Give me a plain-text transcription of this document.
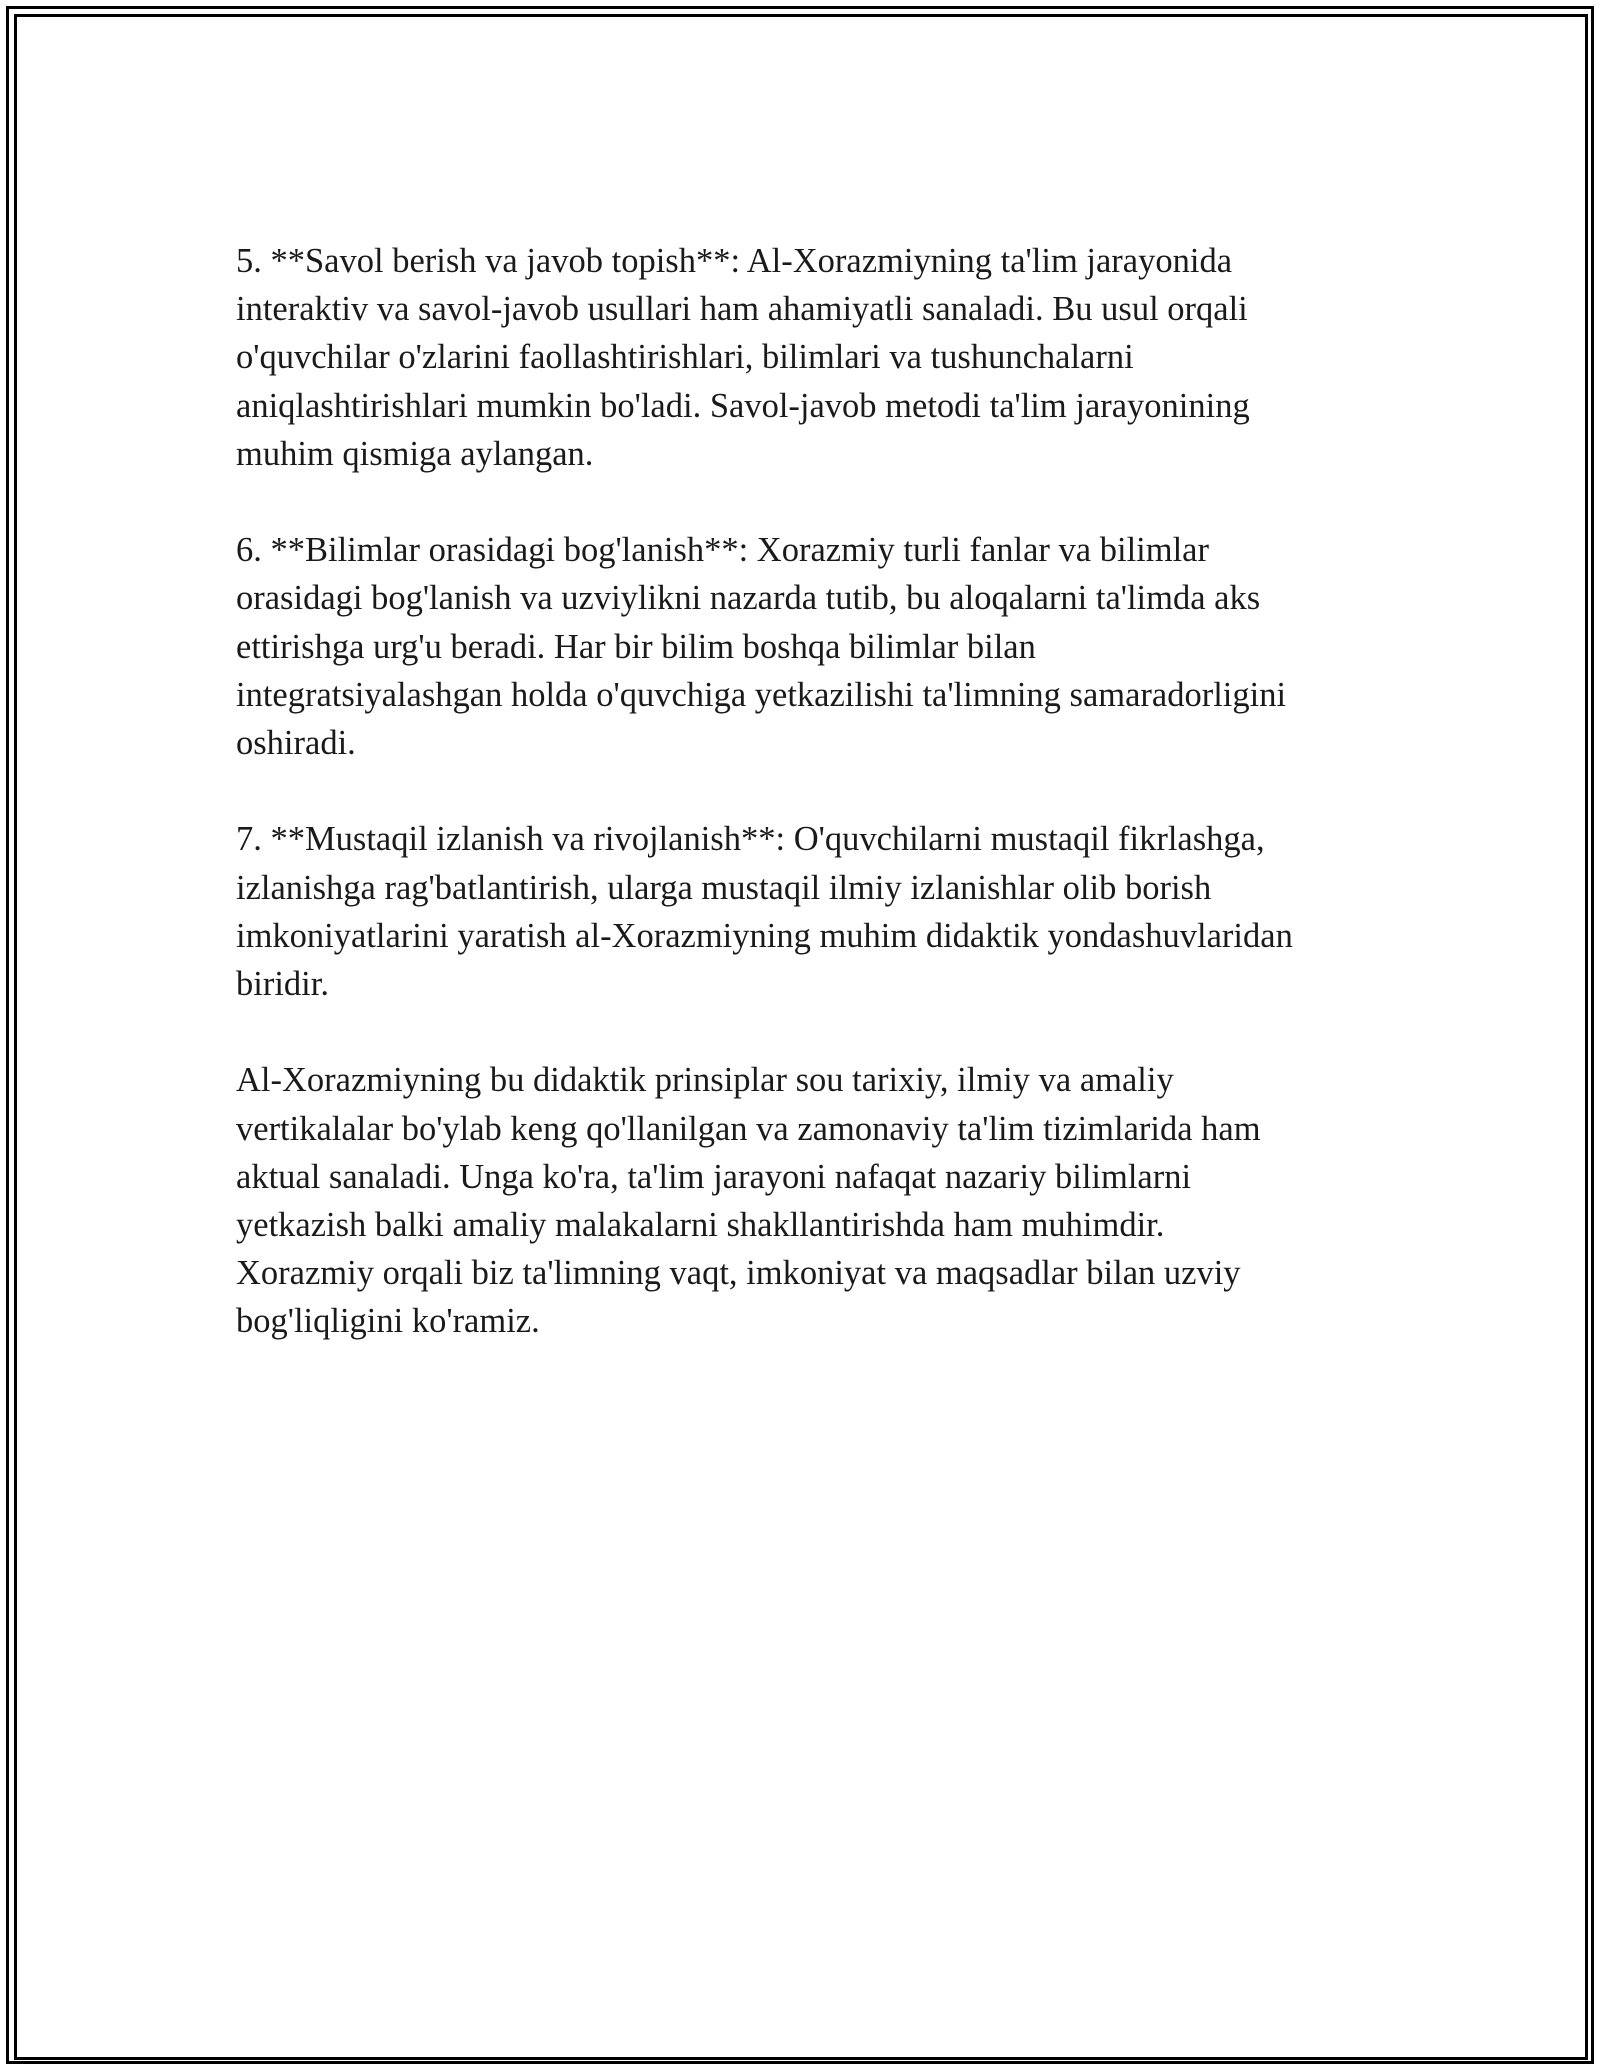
5. **Savol berish va javob topish**: Al-Xorazmiyning ta'lim jarayonida
interaktiv va savol-javob usullari ham ahamiyatli sanaladi. Bu usul orqali
o'quvchilar o'zlarini faollashtirishlari, bilimlari va tushunchalarni
aniqlashtirishlari mumkin bo'ladi. Savol-javob metodi ta'lim jarayonining
muhim qismiga aylangan.

6. **Bilimlar orasidagi bog'lanish**: Xorazmiy turli fanlar va bilimlar
orasidagi bog'lanish va uzviylikni nazarda tutib, bu aloqalarni ta'limda aks
ettirishga urg'u beradi. Har bir bilim boshqa bilimlar bilan
integratsiyalashgan holda o'quvchiga yetkazilishi ta'limning samaradorligini
oshiradi.

7. **Mustaqil izlanish va rivojlanish**: O'quvchilarni mustaqil fikrlashga,
izlanishga rag'batlantirish, ularga mustaqil ilmiy izlanishlar olib borish
imkoniyatlarini yaratish al-Xorazmiyning muhim didaktik yondashuvlaridan
biridir.

Al-Xorazmiyning bu didaktik prinsiplar sou tarixiy, ilmiy va amaliy
vertikalalar bo'ylab keng qo'llanilgan va zamonaviy ta'lim tizimlarida ham
aktual sanaladi. Unga ko'ra, ta'lim jarayoni nafaqat nazariy bilimlarni
yetkazish balki amaliy malakalarni shakllantirishda ham muhimdir.
Xorazmiy orqali biz ta'limning vaqt, imkoniyat va maqsadlar bilan uzviy
bog'liqligini ko'ramiz.
